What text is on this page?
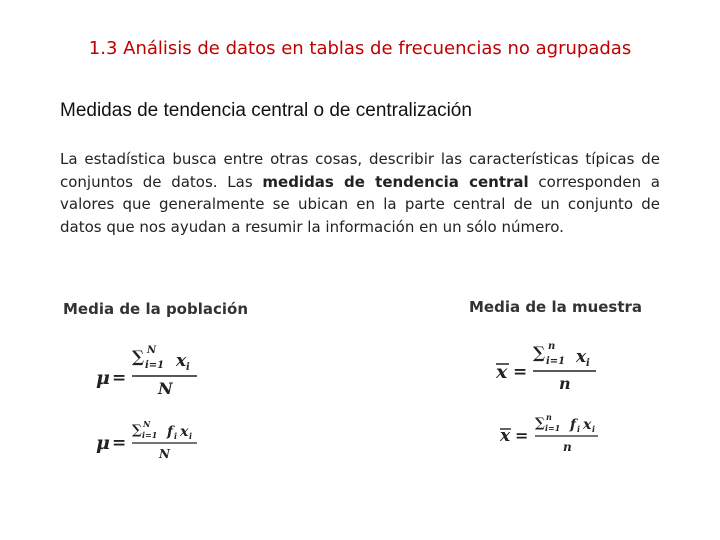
1.3 Análisis de datos en tablas de frecuencias no agrupadas
Medidas de tendencia central o de centralización
La estadística busca entre otras cosas, describir las características típicas de conjuntos de datos. Las medidas de tendencia central corresponden a valores que generalmente se ubican en la parte central de un conjunto de datos que nos ayudan a resumir la información en un sólo número.
Media de la población	Media de la muestra
μ =
∑ N
i=1 x i
N
μ =
∑ N
i=1 f i x i
N
x =
∑ n
i=1 x i
n
x =
∑ n
i=1 f i x i
n
